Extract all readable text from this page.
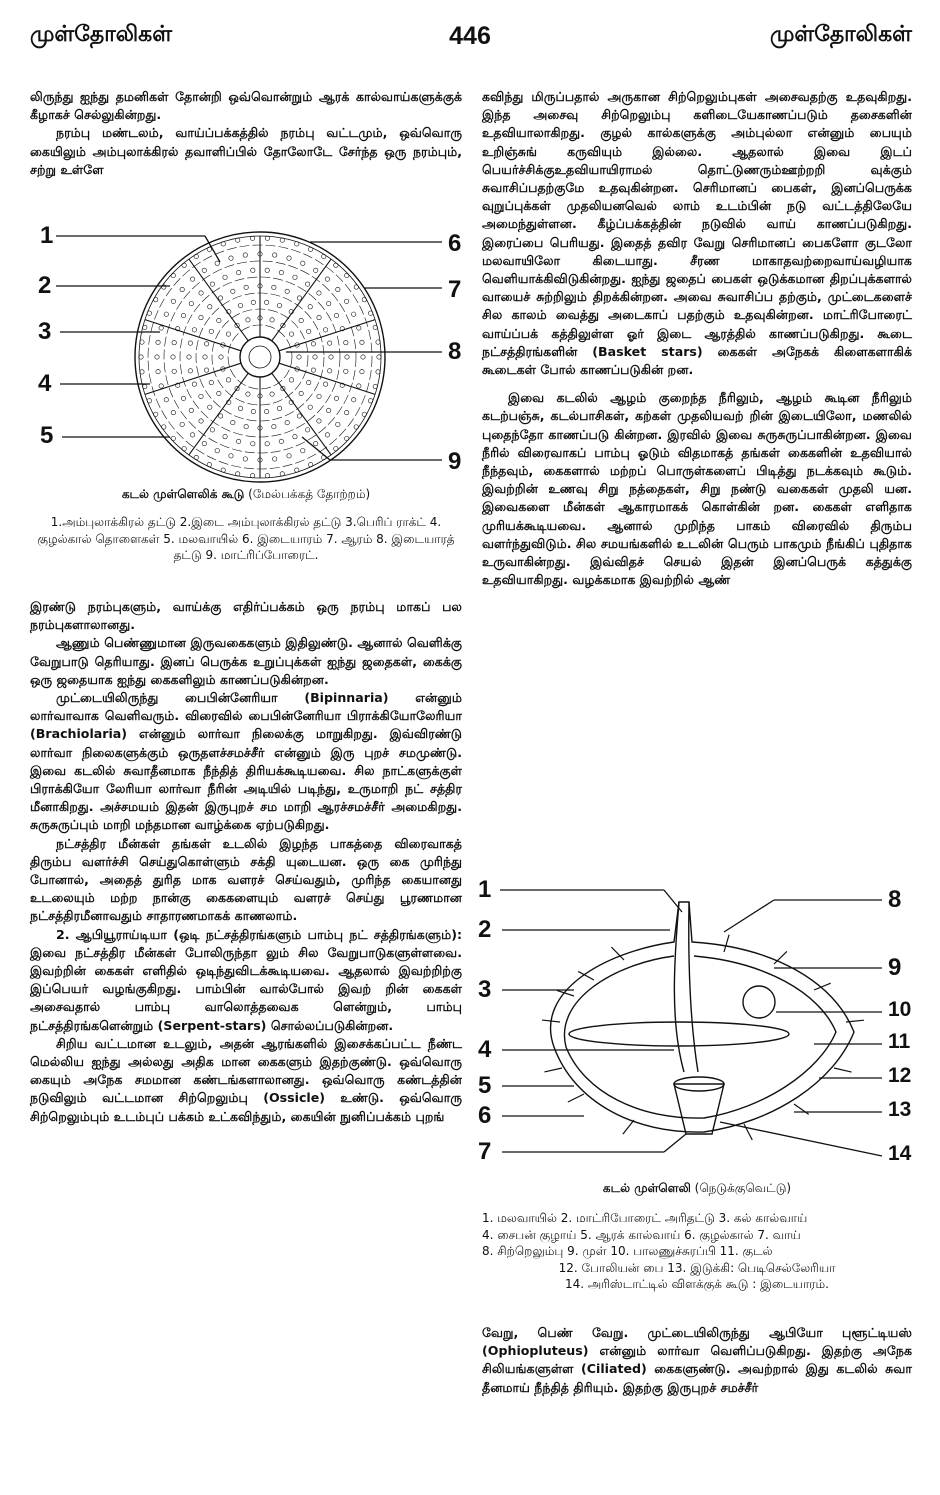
முள்தோலிகள்	446	முள்தோலிகள்

லிருந்து ஐந்து தமனிகள் தோன்றி ஒவ்வொன்றும் ஆரக் கால்வாய்களுக்குக் கீழாகச் செல்லுகின்றது.

நரம்பு மண்டலம், வாய்ப்பக்கத்தில் நரம்பு வட்டமும், ஒவ்வொரு கையிலும் அம்புலாக்கிரல் தவாளிப்பில் தோலோடே சேர்ந்த ஒரு நரம்பும், சற்று உள்ளே

1
2
3
4
5
6
7
8
9
கடல் முள்ளெலிக் கூடு (மேல்பக்கத் தோற்றம்)
1.அம்புலாக்கிரல் தட்டு 2.இடை அம்புலாக்கிரல் தட்டு 3.பெரிப் ராக்ட் 4. குழல்கால் தொளைகள் 5. மலவாயில் 6. இடையாரம் 7. ஆரம் 8. இடையாரத் தட்டு 9. மாட்ரிப்போரைட்.

இரண்டு நரம்புகளும், வாய்க்கு எதிர்ப்பக்கம் ஒரு நரம்பு மாகப் பல நரம்புகளாலானது.

ஆணும் பெண்ணுமான இருவகைகளும் இதிலுண்டு. ஆனால் வெளிக்கு வேறுபாடு தெரியாது. இனப் பெருக்க உறுப்புக்கள் ஐந்து ஜதைகள், கைக்கு ஒரு ஜதையாக ஐந்து கைகளிலும் காணப்படுகின்றன.

முட்டையிலிருந்து பைபின்னேரியா (Bipinnaria) என்னும் லார்வாவாக வெளிவரும். விரைவில் பைபின்னேரியா பிராக்கியோலேரியா (Brachiolaria) என்னும் லார்வா நிலைக்கு மாறுகிறது. இவ்விரண்டு லார்வா நிலைகளுக்கும் ஒருதளச்சமச்சீர் என்னும் இரு புறச் சமமுண்டு. இவை கடலில் சுவாதீனமாக நீந்தித் திரியக்கூடியவை. சில நாட்களுக்குள் பிராக்கியோ லேரியா லார்வா நீரின் அடியில் படிந்து, உருமாறி நட் சத்திர மீனாகிறது. அச்சமயம் இதன் இருபுறச் சம மாறி ஆரச்சமச்சீர் அமைகிறது. சுருசுருப்பும் மாறி மந்தமான வாழ்க்கை ஏற்படுகிறது.

நட்சத்திர மீன்கள் தங்கள் உடலில் இழந்த பாகத்தை விரைவாகத் திரும்ப வளர்ச்சி செய்துகொள்ளும் சக்தி யுடையன. ஒரு கை முரிந்து போனால், அதைத் துரித மாக வளரச் செய்வதும், முரிந்த கையானது உடலையும் மற்ற நான்கு கைகளையும் வளரச் செய்து பூரணமான நட்சத்திரமீனாவதும் சாதாரணமாகக் காணலாம்.

2. ஆபியூராய்டியா (ஒடி நட்சத்திரங்களும் பாம்பு நட் சத்திரங்களும்): இவை நட்சத்திர மீன்கள் போலிருந்தா லும் சில வேறுபாடுகளுள்ளவை. இவற்றின் கைகள் எளிதில் ஒடிந்துவிடக்கூடியவை. ஆதலால் இவற்றிற்கு இப்பெயர் வழங்குகிறது. பாம்பின் வால்போல் இவற் றின் கைகள் அசைவதால் பாம்பு வாலொத்தவைக ளென்றும், பாம்பு நட்சத்திரங்களென்றும் (Serpent-stars) சொல்லப்படுகின்றன.

சிறிய வட்டமான உடலும், அதன் ஆரங்களில் இசைக்கப்பட்ட நீண்ட மெல்லிய ஐந்து அல்லது அதிக மான கைகளும் இதற்குண்டு. ஒவ்வொரு கையும் அநேக சமமான கண்டங்களாலானது. ஒவ்வொரு கண்டத்தின் நடுவிலும் வட்டமான சிற்றெலும்பு (Ossicle) உண்டு. ஒவ்வொரு சிற்றெலும்பும் உடம்புப் பக்கம் உட்கவிந்தும், கையின் நுனிப்பக்கம் புறங்

கவிந்து மிருப்பதால் அருகான சிற்றெலும்புகள் அசைவதற்கு உதவுகிறது. இந்த அசைவு சிற்றெலும்பு களிடையேகாணப்படும் தசைகளின் உதவியாலாகிறது. குழல் கால்களுக்கு அம்புல்லா என்னும் பையும் உறிஞ்சுங் கருவியும் இல்லை. ஆதலால் இவை இடப் பெயர்ச்சிக்குஉதவியாயிராமல் தொட்டுணரும்ஊற்றறி வுக்கும் சுவாசிப்பதற்குமே உதவுகின்றன. செரிமானப் பைகள், இனப்பெருக்க வுறுப்புக்கள் முதலியனவெல் லாம் உடம்பின் நடு வட்டத்திலேயே அமைந்துள்ளன. கீழ்ப்பக்கத்தின் நடுவில் வாய் காணப்படுகிறது. இரைப்பை பெரியது. இதைத் தவிர வேறு செரிமானப் பைகளோ குடலோ மலவாயிலோ கிடையாது. சீரண மாகாதவற்றைவாய்வழியாக வெளியாக்கிவிடுகின்றது. ஐந்து ஜதைப் பைகள் ஒடுக்கமான திறப்புக்களால் வாயைச் சுற்றிலும் திறக்கின்றன. அவை சுவாசிப்ப தற்கும், முட்டைகளைச் சில காலம் வைத்து அடைகாப் பதற்கும் உதவுகின்றன. மாட்ரிபோரைட் வாய்ப்பக் கத்திலுள்ள ஓர் இடை ஆரத்தில் காணப்படுகிறது. கூடை நட்சத்திரங்களின் (Basket stars) கைகள் அநேகக் கிளைகளாகிக் கூடைகள் போல் காணப்படுகின் றன.

இவை கடலில் ஆழம் குறைந்த நீரிலும், ஆழம் கூடின நீரிலும் கடற்பஞ்சு, கடல்பாசிகள், கற்கள் முதலியவற் றின் இடையிலோ, மணலில் புதைந்தோ காணப்படு கின்றன. இரவில் இவை சுருசுருப்பாகின்றன. இவை நீரில் விரைவாகப் பாம்பு ஓடும் விதமாகத் தங்கள் கைகளின் உதவியால் நீந்தவும், கைகளால் மற்றப் பொருள்களைப் பிடித்து நடக்கவும் கூடும். இவற்றின் உணவு சிறு நத்தைகள், சிறு நண்டு வகைகள் முதலி யன. இவைகளை மீன்கள் ஆகாரமாகக் கொள்கின் றன. கைகள் எளிதாக முரியக்கூடியவை. ஆனால் முறிந்த பாகம் விரைவில் திரும்ப வளர்ந்துவிடும். சில சமயங்களில் உடலின் பெரும் பாகமும் நீங்கிப் புதிதாக உருவாகின்றது. இவ்விதச் செயல் இதன் இனப்பெருக் கத்துக்கு உதவியாகிறது. வழக்கமாக இவற்றில் ஆண்

1
2
3
4
5
6
7
8
9
10
11
12
13
14
கடல் முள்ளெலி (நெடுக்குவெட்டு)
1. மலவாயில் 2. மாட்ரிபோரைட் அரிதட்டு 3. கல் கால்வாய்
4. சைபன் குழாய் 5. ஆரக் கால்வாய் 6. குழல்கால் 7. வாய்
8. சிற்றெலும்பு 9. முள் 10. பாலணுச்சுரப்பி 11. குடல்
12. போலியன் பை 13. இடுக்கி: பெடிசெல்லேரியா
14. அரிஸ்டாட்டில் விளக்குக் கூடு : இடையாரம்.

வேறு, பெண் வேறு. முட்டையிலிருந்து ஆபியோ புளூட்டியஸ் (Ophiopluteus) என்னும் லார்வா வெளிப்படுகிறது. இதற்கு அநேக சிலியங்களுள்ள (Ciliated) கைகளுண்டு. அவற்றால் இது கடலில் சுவா தீனமாய் நீந்தித் திரியும். இதற்கு இருபுறச் சமச்சீர்
